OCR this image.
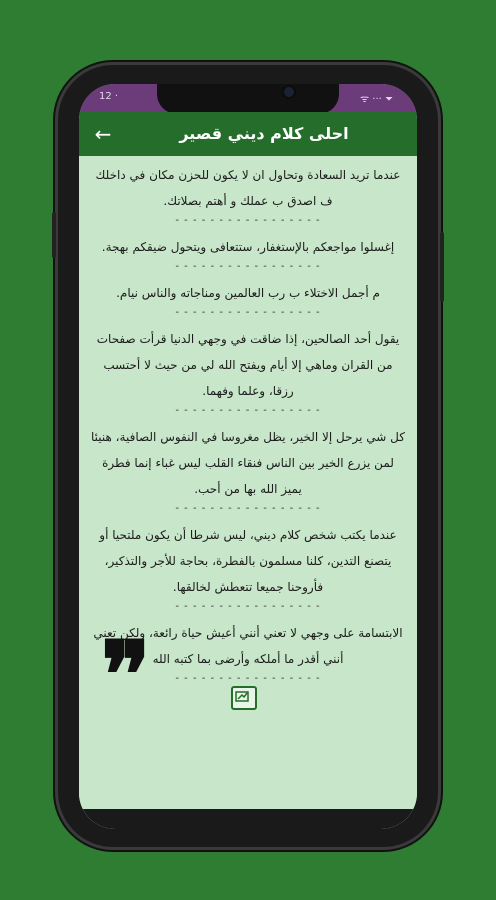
12 ·	ᯤ ··· ⏷
←	احلى كلام ديني قصير

عندما تريد السعادة وتحاول ان لا يكون للحزن مكان في داخلك ف اصدق ب عملك و أهتم بصلاتك.

- - - - - - - - - - - - - - - - -

إغسلوا مواجعكم بالإستغفار، ستتعافى ويتحول ضيقكم بهجة.

- - - - - - - - - - - - - - - - -

م أجمل الاختلاء ب رب العالمين ومناجاته والناس نيام.

- - - - - - - - - - - - - - - - -

يقول أحد الصالحين، إذا ضاقت في وجهي الدنيا قرأت صفحات من القران وماهي إلا أيام ويفتح الله لي من حيث لا أحتسب رزقا، وعلما وفهما.

- - - - - - - - - - - - - - - - -

كل شي يرحل إلا الخير، يظل مغروسا في النفوس الصافية، هنيئا لمن يزرع الخير بين الناس فنقاء القلب ليس غباء إنما فطرة يميز الله بها من أحب.

- - - - - - - - - - - - - - - - -

عندما يكتب شخص كلام ديني، ليس شرطا أن يكون ملتحيا أو يتصنع التدين، كلنا مسلمون بالفطرة، بحاجة للأجر والتذكير، فأروحنا جميعا تتعطش لخالقها.

- - - - - - - - - - - - - - - - -

الابتسامة على وجهي لا تعني أنني أعيش حياة رائعة، ولكن تعني أنني أقدر ما أملكه وأرضى بما كتبه الله

- - - - - - - - - - - - - - - - -
❞
